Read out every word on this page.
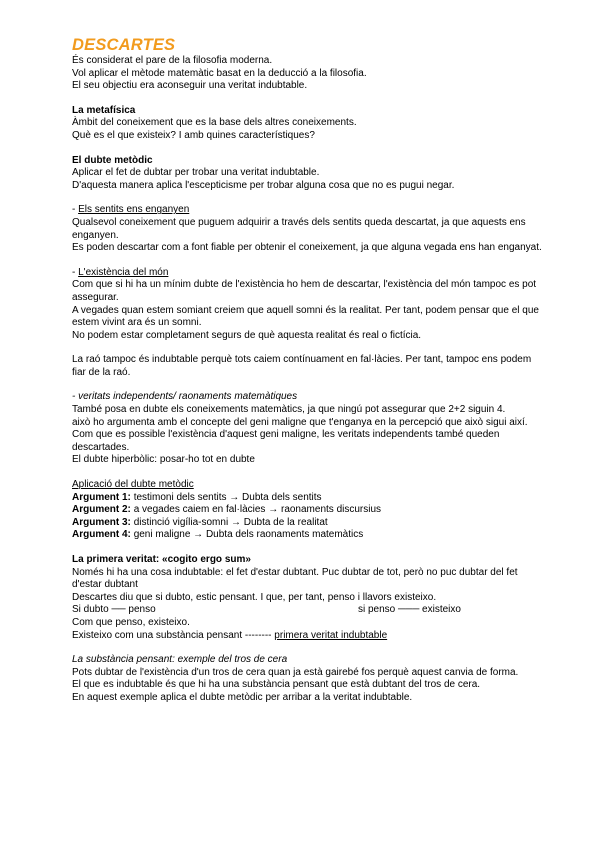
DESCARTES

És considerat el pare de la filosofia moderna.

Vol aplicar el mètode matemàtic basat en la deducció a la filosofia.

El seu objectiu era aconseguir una veritat indubtable.

La metafísica

Àmbit del coneixement que es la base dels altres coneixements.

Què es el que existeix? I amb quines característiques?

El dubte metòdic

Aplicar el fet de dubtar per trobar una veritat indubtable.

D'aquesta manera aplica l'escepticisme per trobar alguna cosa que no es pugui negar.

- Els sentits ens enganyen

Qualsevol coneixement que puguem adquirir a través dels sentits queda descartat, ja que aquests ens enganyen.

Es poden descartar com a font fiable per obtenir el coneixement, ja que alguna vegada ens han enganyat.

- L'existència del món

Com que si hi ha un mínim dubte de l'existència ho hem de descartar, l'existència del món tampoc es pot assegurar.

A vegades quan estem somiant creiem que aquell somni és la realitat. Per tant, podem pensar que el que estem vivint ara és un somni.

No podem estar completament segurs de què aquesta realitat és real o fictícia.

La raó tampoc és indubtable perquè tots caiem contínuament en fal·làcies. Per tant, tampoc ens podem fiar de la raó.

- veritats independents/ raonaments matemàtiques

També posa en dubte els coneixements matemàtics, ja que ningú pot assegurar que 2+2 siguin 4.

això ho argumenta amb el concepte del geni maligne que t'enganya en la percepció que això sigui així. Com que es possible l'existència d'aquest geni maligne, les veritats independents també queden descartades.

El dubte hiperbòlic: posar-ho tot en dubte

Aplicació del dubte metòdic

Argument 1: testimoni dels sentits → Dubta dels sentits

Argument 2: a vegades caiem en fal·làcies → raonaments discursius

Argument 3: distinció vigília-somni → Dubta de la realitat

Argument 4: geni maligne → Dubta dels raonaments matemàtics

La primera veritat: «cogito ergo sum»

Només hi ha una cosa indubtable: el fet d'estar dubtant. Puc dubtar de tot, però no puc dubtar del fet d'estar dubtant

Descartes diu que si dubto, estic pensant. I que, per tant, penso i llavors existeixo.

Si dubto ── penso	si penso ─── existeixo

Com que penso, existeixo.

Existeixo com una substància pensant -------- primera veritat indubtable

La substància pensant: exemple del tros de cera

Pots dubtar de l'existència d'un tros de cera quan ja està gairebé fos perquè aquest canvia de forma.

El que es indubtable és que hi ha una substància pensant que està dubtant del tros de cera.

En aquest exemple aplica el dubte metòdic per arribar a la veritat indubtable.
